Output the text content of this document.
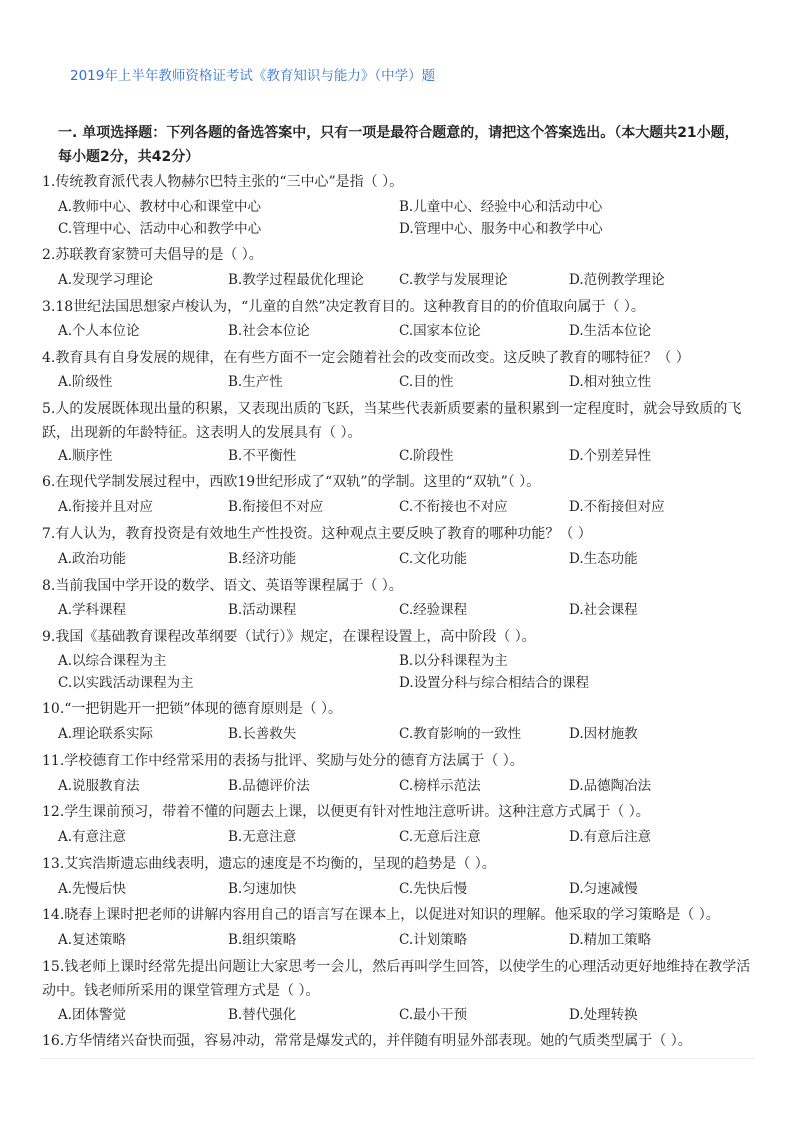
2019年上半年教师资格证考试《教育知识与能力》（中学）题
一. 单项选择题：下列各题的备选答案中，只有一项是最符合题意的，请把这个答案选出。（本大题共21小题，每小题2分，共42分）
1.传统教育派代表人物赫尔巴特主张的“三中心”是指（ ）。
A.教师中心、教材中心和课堂中心	B.儿童中心、经验中心和活动中心
C.管理中心、活动中心和教学中心	D.管理中心、服务中心和教学中心
2.苏联教育家赞可夫倡导的是（ ）。
A.发现学习理论	B.教学过程最优化理论	C.教学与发展理论	D.范例教学理论
3.18世纪法国思想家卢梭认为，“儿童的自然”决定教育目的。这种教育目的的价值取向属于（ ）。
A.个人本位论	B.社会本位论	C.国家本位论	D.生活本位论
4.教育具有自身发展的规律，在有些方面不一定会随着社会的改变而改变。这反映了教育的哪特征？（ ）
A.阶级性	B.生产性	C.目的性	D.相对独立性
5.人的发展既体现出量的积累，又表现出质的飞跃，当某些代表新质要素的量积累到一定程度时，就会导致质的飞跃，出现新的年龄特征。这表明人的发展具有（ ）。
A.顺序性	B.不平衡性	C.阶段性	D.个别差异性
6.在现代学制发展过程中，西欧19世纪形成了“双轨”的学制。这里的“双轨”（ ）。
A.衔接并且对应	B.衔接但不对应	C.不衔接也不对应	D.不衔接但对应
7.有人认为，教育投资是有效地生产性投资。这种观点主要反映了教育的哪种功能？（ ）
A.政治功能	B.经济功能	C.文化功能	D.生态功能
8.当前我国中学开设的数学、语文、英语等课程属于（ ）。
A.学科课程	B.活动课程	C.经验课程	D.社会课程
9.我国《基础教育课程改革纲要（试行）》规定，在课程设置上，高中阶段（ ）。
A.以综合课程为主	B.以分科课程为主
C.以实践活动课程为主	D.设置分科与综合相结合的课程
10.“一把钥匙开一把锁”体现的德育原则是（ ）。
A.理论联系实际	B.长善救失	C.教育影响的一致性	D.因材施教
11.学校德育工作中经常采用的表扬与批评、奖励与处分的德育方法属于（ ）。
A.说服教育法	B.品德评价法	C.榜样示范法	D.品德陶冶法
12.学生课前预习，带着不懂的问题去上课，以便更有针对性地注意听讲。这种注意方式属于（ ）。
A.有意注意	B.无意注意	C.无意后注意	D.有意后注意
13.艾宾浩斯遗忘曲线表明，遗忘的速度是不均衡的，呈现的趋势是（ ）。
A.先慢后快	B.匀速加快	C.先快后慢	D.匀速减慢
14.晓春上课时把老师的讲解内容用自己的语言写在课本上，以促进对知识的理解。他采取的学习策略是（ ）。
A.复述策略	B.组织策略	C.计划策略	D.精加工策略
15.钱老师上课时经常先提出问题让大家思考一会儿，然后再叫学生回答，以使学生的心理活动更好地维持在教学活动中。钱老师所采用的课堂管理方式是（ ）。
A.团体警觉	B.替代强化	C.最小干预	D.处理转换
16.方华情绪兴奋快而强，容易冲动，常常是爆发式的，并伴随有明显外部表现。她的气质类型属于（ ）。
